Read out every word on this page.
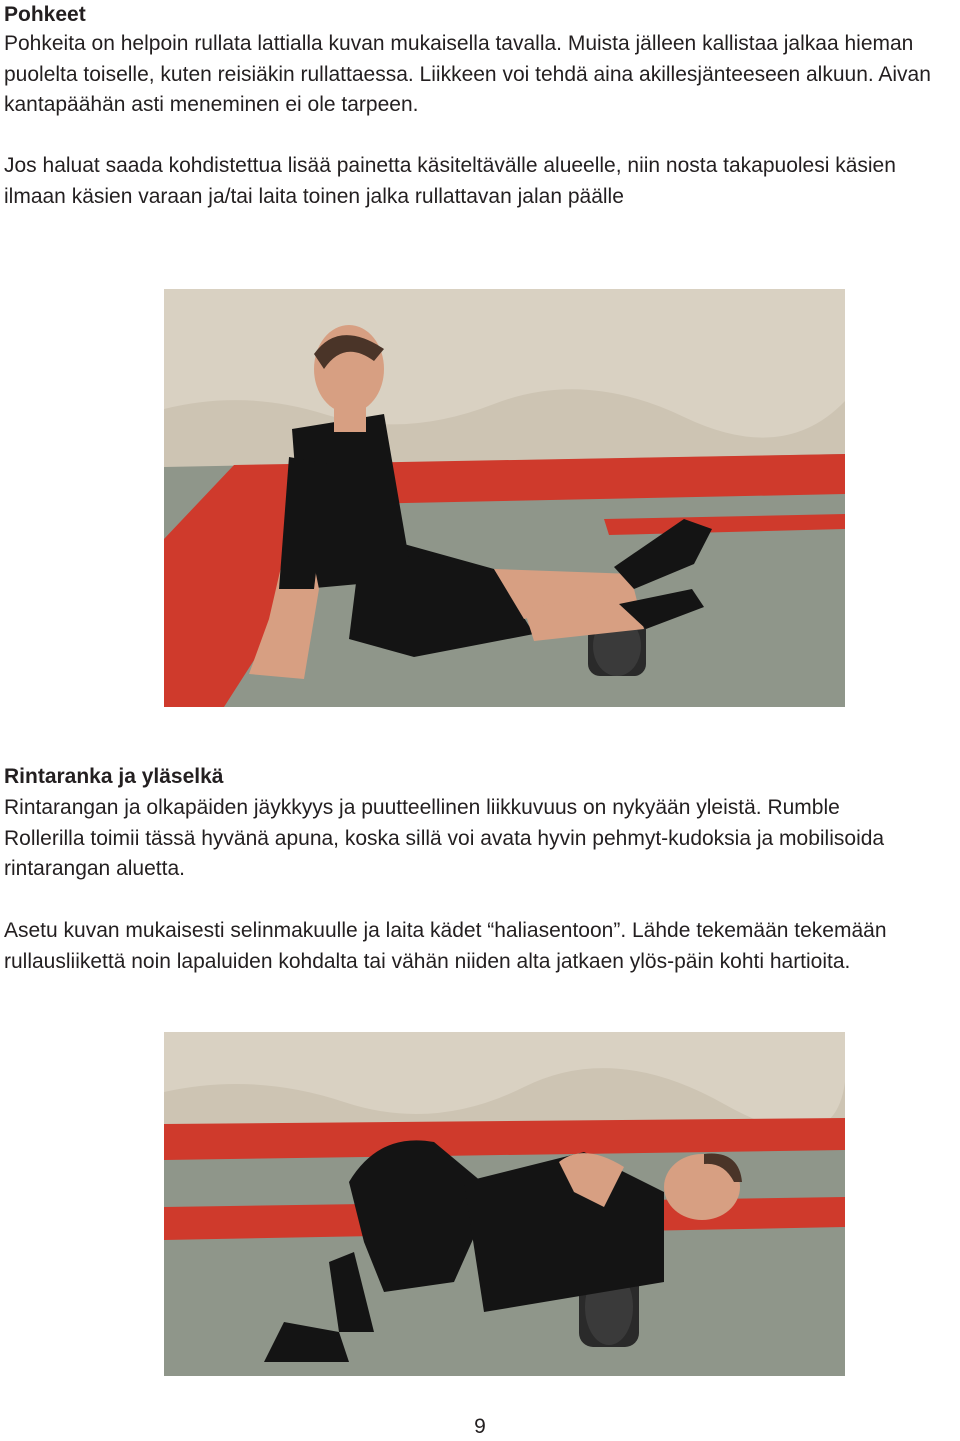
Pohkeet

Pohkeita on helpoin rullata lattialla kuvan mukaisella tavalla. Muista jälleen kallistaa jalkaa hieman puolelta toiselle, kuten reisiäkin rullattaessa. Liikkeen voi tehdä aina akillesjänteeseen alkuun. Aivan kantapäähän asti meneminen ei ole tarpeen.

Jos haluat saada kohdistettua lisää painetta käsiteltävälle alueelle, niin nosta takapuolesi käsien ilmaan käsien varaan ja/tai laita toinen jalka rullattavan jalan päälle

Rintaranka ja yläselkä

Rintarangan ja olkapäiden jäykkyys ja puutteellinen liikkuvuus on nykyään yleistä. Rumble Rollerilla toimii tässä hyvänä apuna, koska sillä voi avata hyvin pehmyt-kudoksia ja mobilisoida rintarangan aluetta.

Asetu kuvan mukaisesti selinmakuulle ja laita kädet “haliasentoon”. Lähde tekemään tekemään rullausliikettä noin lapaluiden kohdalta tai vähän niiden alta jatkaen ylös-päin kohti hartioita.

9
